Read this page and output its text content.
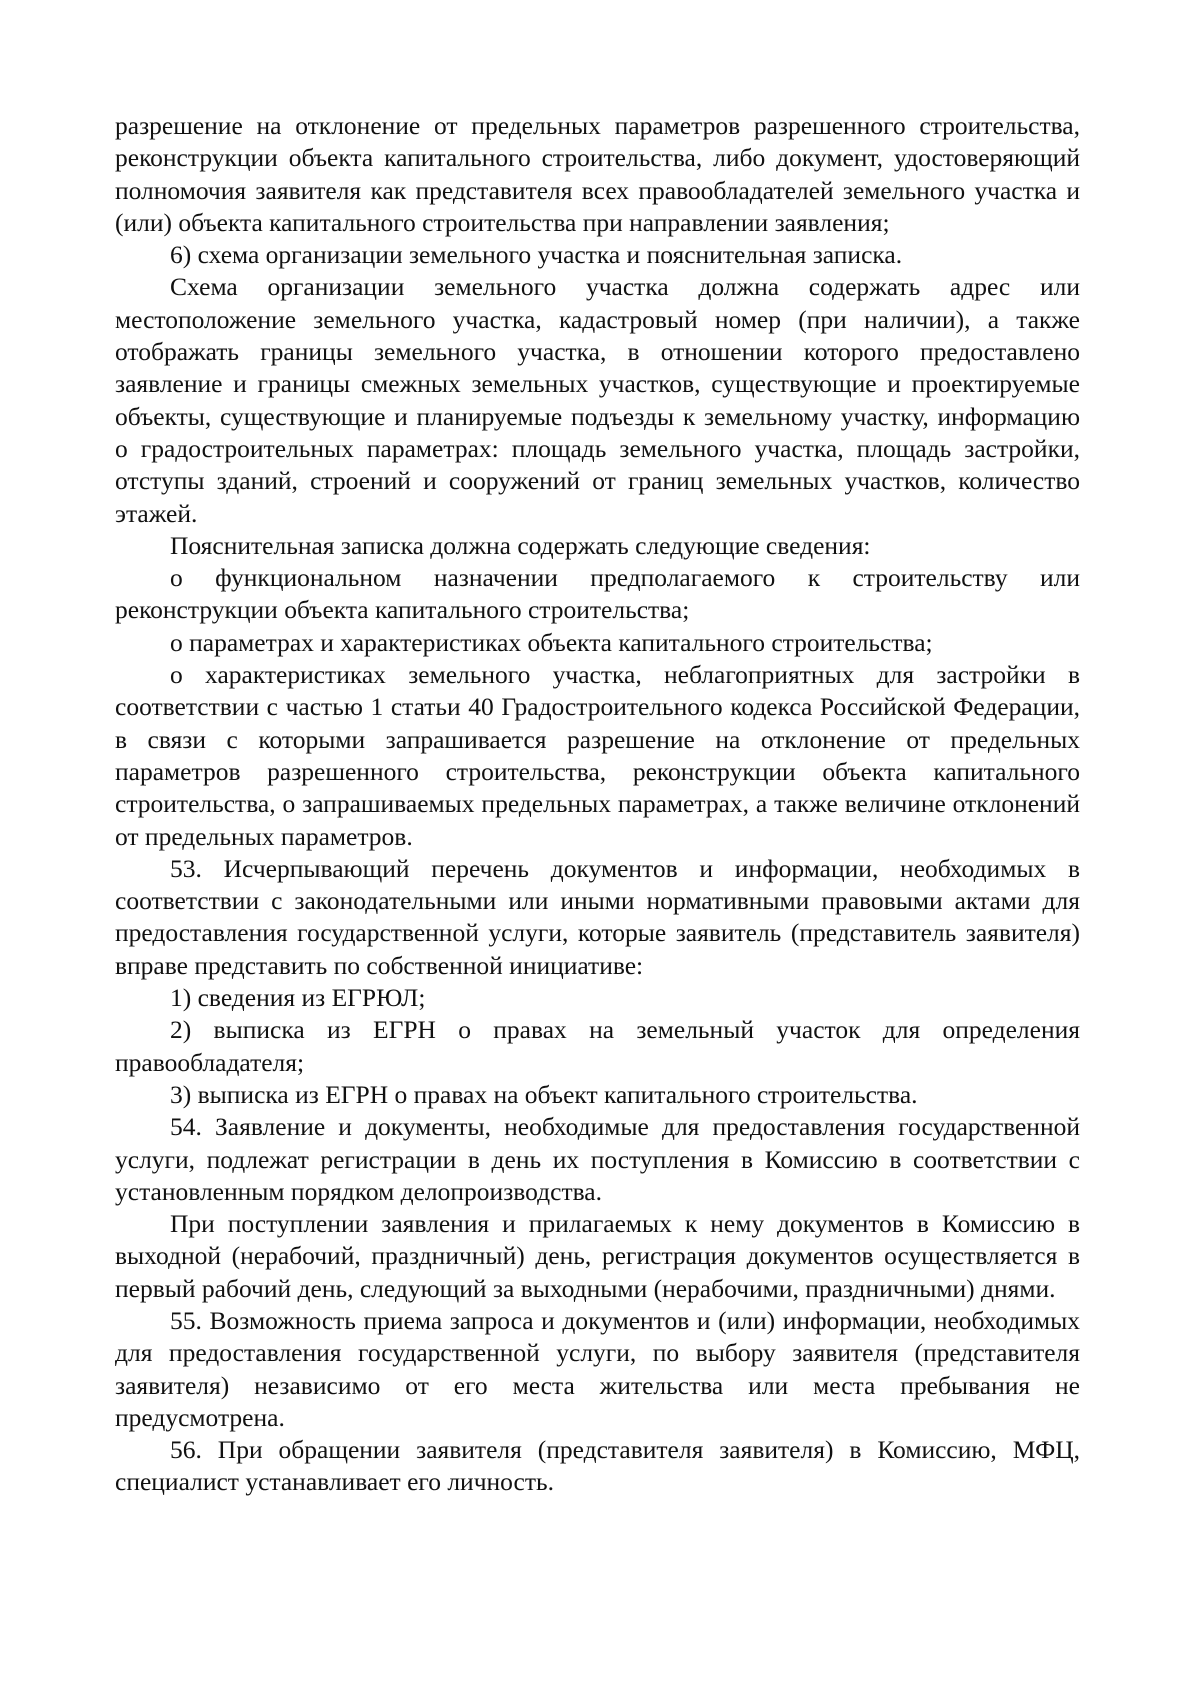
разрешение на отклонение от предельных параметров разрешенного строительства, реконструкции объекта капитального строительства, либо документ, удостоверяющий полномочия заявителя как представителя всех правообладателей земельного участка и (или) объекта капитального строительства при направлении заявления;

6) схема организации земельного участка и пояснительная записка.

Схема организации земельного участка должна содержать адрес или местоположение земельного участка, кадастровый номер (при наличии), а также отображать границы земельного участка, в отношении которого предоставлено заявление и границы смежных земельных участков, существующие и проектируемые объекты, существующие и планируемые подъезды к земельному участку, информацию о градостроительных параметрах: площадь земельного участка, площадь застройки, отступы зданий, строений и сооружений от границ земельных участков, количество этажей.

Пояснительная записка должна содержать следующие сведения:

о функциональном назначении предполагаемого к строительству или реконструкции объекта капитального строительства;

о параметрах и характеристиках объекта капитального строительства;

о характеристиках земельного участка, неблагоприятных для застройки в соответствии с частью 1 статьи 40 Градостроительного кодекса Российской Федерации, в связи с которыми запрашивается разрешение на отклонение от предельных параметров разрешенного строительства, реконструкции объекта капитального строительства, о запрашиваемых предельных параметрах, а также величине отклонений от предельных параметров.

53. Исчерпывающий перечень документов и информации, необходимых в соответствии с законодательными или иными нормативными правовыми актами для предоставления государственной услуги, которые заявитель (представитель заявителя) вправе представить по собственной инициативе:

1) сведения из ЕГРЮЛ;

2) выписка из ЕГРН о правах на земельный участок для определения правообладателя;

3) выписка из ЕГРН о правах на объект капитального строительства.

54. Заявление и документы, необходимые для предоставления государственной услуги, подлежат регистрации в день их поступления в Комиссию в соответствии с установленным порядком делопроизводства.

При поступлении заявления и прилагаемых к нему документов в Комиссию в выходной (нерабочий, праздничный) день, регистрация документов осуществляется в первый рабочий день, следующий за выходными (нерабочими, праздничными) днями.

55. Возможность приема запроса и документов и (или) информации, необходимых для предоставления государственной услуги, по выбору заявителя (представителя заявителя) независимо от его места жительства или места пребывания не предусмотрена.

56. При обращении заявителя (представителя заявителя) в Комиссию, МФЦ, специалист устанавливает его личность.
